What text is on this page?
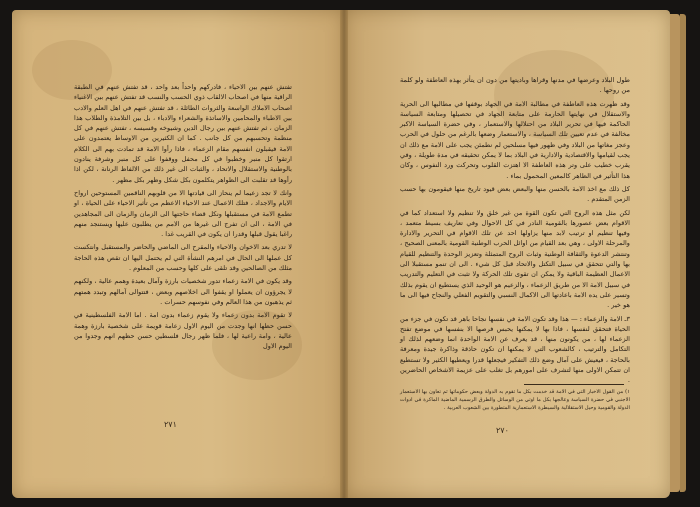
تفتش عنهم بين الاحياء ، فادركهم واحداً بعد واحد ، قد تفتش عنهم في الطبقة الراقية منها في اصحاب الالقاب ذوي الحسب والنسب قد تفتش عنهم بين الاغنياء اصحاب الاملاك الواسعة والثروات الطائلة ، قد تفتش عنهم في اهل العلم والادب بين الاطباء والمحامين والاساتذة والشعراء والادباء ، بل بين التلامذة والطلاب هذا الزمان ، ثم تفتش عنهم بين رجال الدين وشيوخه وقسيسه ، تفتش عنهم في كل منظمة وتحسبهم من كل جانب . كما ان الكثيرين من الاوساط يعتمدون على الامة فيقبلون انفسهم مقام الزعماء ، فاذا رأوا الامة قد تمادت بهم الى الكلام ارتقوا كل منبر وخطبوا في كل محفل ووقفوا على كل منبر وشرفة ينادون بالوطنية والاستقلال والاتحاد ، والثبات الى غير ذلك من الالفاظ الرنانة ، لكن اذا رأوها قد تقلبت الى الظواهر يتكلمون بكل شكل وظهر بكل مظهر .

وانك لا تجد زعيما لم ينحاز الى قيادتها الا من قلوبهم الناقمين المستوحين ارواح الايام والاجداد ، فتلك الاعمال عند الاحياء الاعظم من تأثير الاحياء على الحياة ، او تطمع الامة في مستقبلها ونكل قضاء حاجتها الى الزمان والزمان الى المجاهدين في الامة ، الى ان تفرج الى غيرها من الامم من يطلبون عليها ويستنجد منهم راغبا يقول قبلها وقدرا ان يكون في القريب غدا .

لا تدري بعد الاخوان والاحياء والمقرح الى الماضي والحاضر والمستقبل وانتكست كل عملها الى الحال في امرهم النشأة التي لم يحتمل اليها ان تقص هذه الحاجة مثلك من الصالحين وقد تلقى على كلها وحسب من المعلوم .

وقد يكون في الامة زعماء تدور شخصيات بارزة وآمال بعيدة وهمم عالية ، ولكنهم لا يجرؤون ان يعملوا او يقفوا الى اخلاصهم وبعض ، فتتوالى آمالهم وتبدد همتهم ثم يذهبون من هذا العالم وفي نفوسهم حسرات .

لا تقوم الامة بدون زعماء ولا يقوم زعماء بدون امة . اما الامة الفلسطينية في حسن حظها انها وجدت من اليوم الاول زعامة قويمة على شخصية بارزة وهمة عالية ، وامة راعية لها ، فلما ظهر رجال فلسطين حسن حظهم انهم وجدوا من اليوم الاول

٢٧١

طول البلاد وعرضها في مدنها وقراها وباديتها من دون ان يتأثر بهذه العاطفة ولو كلمة من روحها .

وقد ظهرت هذه العاطفة في مطالبة الامة في الجهاد بوقفها في مطالبها الى الحرية والاستقلال في نهايتها الحارمة على متابعة الجهاد في تحصيلها ومتابعة السياسة الحاكمة فيها في تحرير البلاد من احتلالها والاستعمار ، وفي حضرة السياسة الاكبر مخالفة في عدم تعيين تلك السياسة ، والاستعمار وضعها بالرغم من حلول في الحرب وعجز مغاتها من البلاد وفي ظهور فيها مسلحين لم نطمئن يجب على الامة مع ذلك ان يجب لقيامها والاقتصادية والادارية في البلاد بما لا يمكن تحقيقه في مدة طويلة ، وفي يقرب خطيب على وتر هذه العاطفة الا اهتزت القلوب وتحركت ورد النفوس ، وكان هذا التأثير في الظاهر كالمعين المحمول بماء .

كل ذلك مع اخذ الامة بالحسن منها والبعض بعض قيود تاريخ منها فيقومون بها حسب الزمن المتقدم .

لكن مثل هذه الروح التي تكون القوة من غير خلق ولا تنظيم ولا استعداد كما في الاقوام بعض عصورها بالقومية النادر في كل الاحوال وفي تعاريف بسيط متعمد ، وفيها تنظيم او ترتيب لابد منها يزاولها احد عن تلك الاقوام في التحرير والادارة والمرحلة الاولى ، وهي بعد القيام من اوائل الحرب الوطنية القومية بالمعنى الصحيح ، وتنتشر الدعوة والثقافة الوطنية وثبات الروح المتمثلة وتعزيز الوحدة والتنظيم للقيام بها والتي تتحقق في سبيل التكتل والاتحاد قبل كل شيء . الى ان تنمو مستقبلا الى الاعمال العظيمة الباقية ولا يمكن ان تقوى تلك الحركة ولا تثبت في التعليم والتدريب في سبيل الامة الا من طريق الزعماء ، والزعيم هو الوحيد الذي يستطيع ان يقوم بذلك وتسير على يده الامة باعادتها الى الاكمال النسبي والتقويم الفعلي والنجاح فيها الى ما هو خير .

٣ـ الامة والزعماء : — هذا وقد تكون الامة في نفسها نجاحا باهر قد تكون في جزء من الحياة فتحقق لنفسها ، فاذا بها لا يمكنها يحبس فرصها الا بنفسها في موضع تفتح الزعماء لها ، من يكونون منها ، قد يعرف عن الامة الواحدة انما وضعهم لذلك او التكامل والترتيب ، كالشعوب التي لا يمكنها ان تكون حاذقة وذاكرة جيدة ومعرفة بالحاجة ، فيعيش على آمال وضع ذلك التفكير فيجعلها قدرا ويعطيها الكثير ولا تستطيع ان تتمكن الاولى منها لتشرف على امورهم بل تغلب على عزيمة الاشخاص الحاضرين .

١) من القول الاخبار التي في الامة قد خدمت بكل ما تقوم به الدولة وبعض حكوماتها ثم تعاون بها الاستعمار الاجنبي في حضرة السياسة وعالجها بكل ما اوتي من الوسائل والطرق الرسمية الماضية الماكرة في ادوات الدولة والقومية وحيل الاستقلالية والسيطرة الاستعمارية المتطورة بين الشعوب العربية .
٢٧٠
